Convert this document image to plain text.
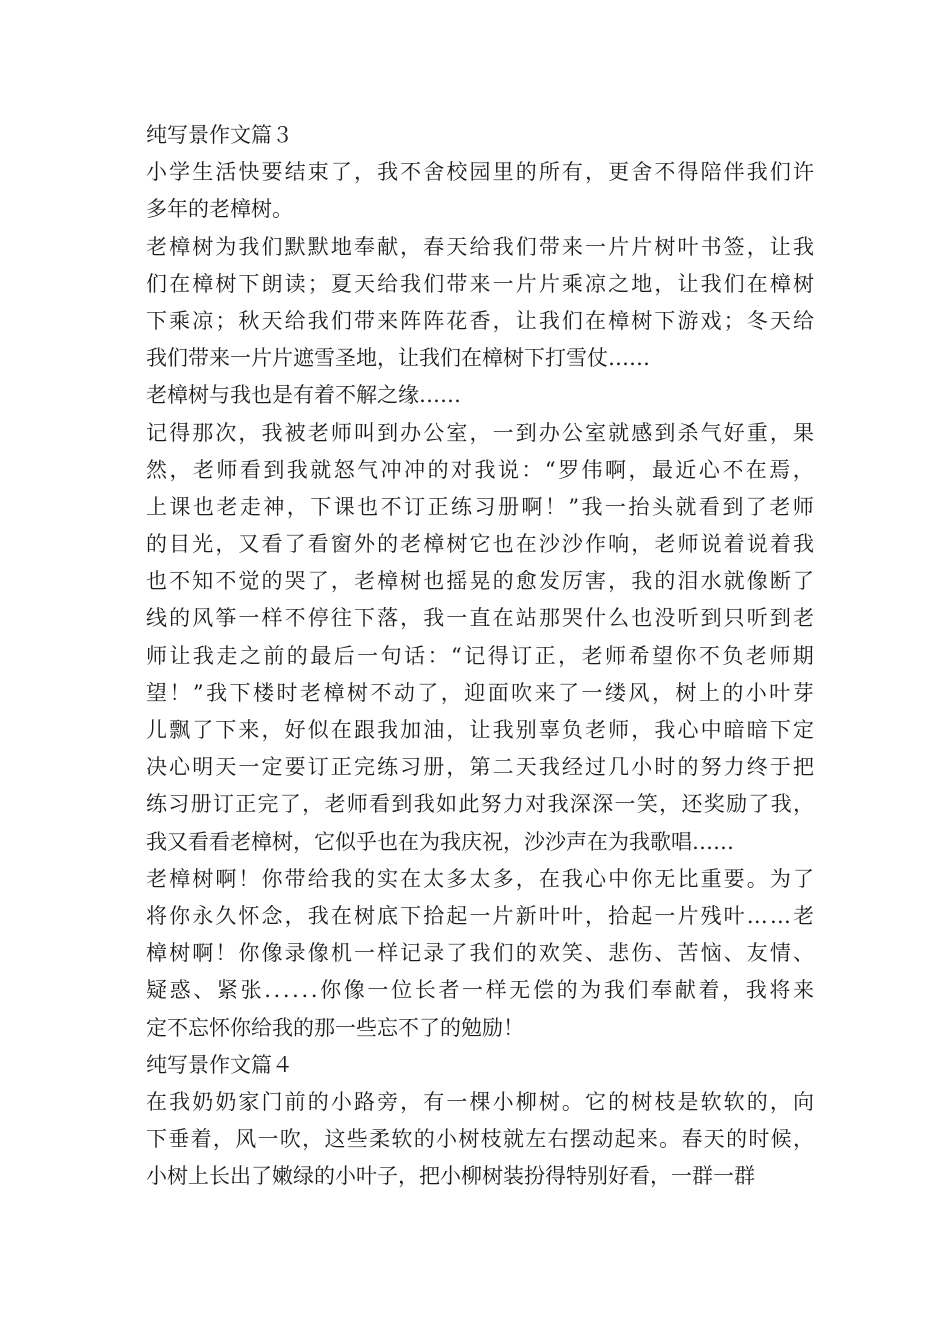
纯写景作文篇３
小学生活快要结束了，我不舍校园里的所有，更舍不得陪伴我们许
多年的老樟树。
老樟树为我们默默地奉献，春天给我们带来一片片树叶书签，让我
们在樟树下朗读；夏天给我们带来一片片乘凉之地，让我们在樟树
下乘凉；秋天给我们带来阵阵花香，让我们在樟树下游戏；冬天给
我们带来一片片遮雪圣地，让我们在樟树下打雪仗……
老樟树与我也是有着不解之缘……
记得那次，我被老师叫到办公室，一到办公室就感到杀气好重，果
然，老师看到我就怒气冲冲的对我说：“罗伟啊，最近心不在焉，
上课也老走神，下课也不订正练习册啊！”我一抬头就看到了老师
的目光，又看了看窗外的老樟树它也在沙沙作响，老师说着说着我
也不知不觉的哭了，老樟树也摇晃的愈发厉害，我的泪水就像断了
线的风筝一样不停往下落，我一直在站那哭什么也没听到只听到老
师让我走之前的最后一句话：“记得订正，老师希望你不负老师期
望！”我下楼时老樟树不动了，迎面吹来了一缕风，树上的小叶芽
儿飘了下来，好似在跟我加油，让我别辜负老师，我心中暗暗下定
决心明天一定要订正完练习册，第二天我经过几小时的努力终于把
练习册订正完了，老师看到我如此努力对我深深一笑，还奖励了我，
我又看看老樟树，它似乎也在为我庆祝，沙沙声在为我歌唱……
老樟树啊！你带给我的实在太多太多，在我心中你无比重要。为了
将你永久怀念，我在树底下拾起一片新叶叶，拾起一片残叶……老
樟树啊！你像录像机一样记录了我们的欢笑、悲伤、苦恼、友情、
疑惑、紧张......你像一位长者一样无偿的为我们奉献着，我将来
定不忘怀你给我的那一些忘不了的勉励！
纯写景作文篇４
在我奶奶家门前的小路旁，有一棵小柳树。它的树枝是软软的，向
下垂着，风一吹，这些柔软的小树枝就左右摆动起来。春天的时候，
小树上长出了嫩绿的小叶子，把小柳树装扮得特别好看，一群一群
